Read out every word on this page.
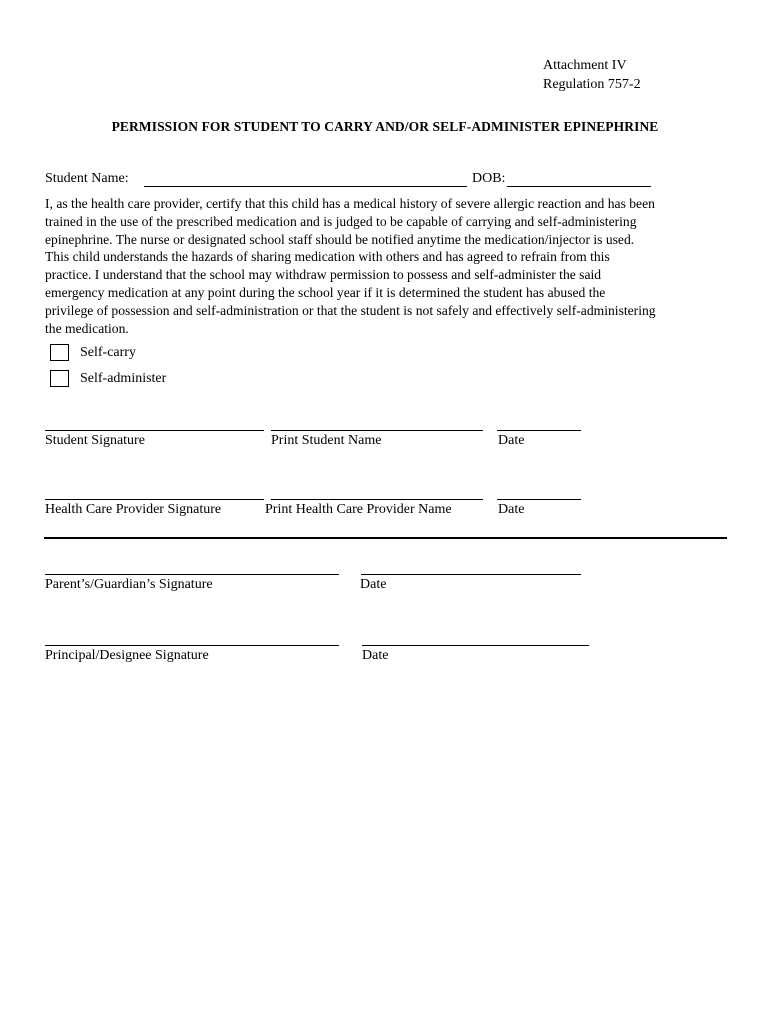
Attachment IV
Regulation 757-2
PERMISSION FOR STUDENT TO CARRY AND/OR SELF-ADMINISTER EPINEPHRINE
Student Name:	DOB:
I, as the health care provider, certify that this child has a medical history of severe allergic reaction and has been
trained in the use of the prescribed medication and is judged to be capable of carrying and self-administering
epinephrine. The nurse or designated school staff should be notified anytime the medication/injector is used.
This child understands the hazards of sharing medication with others and has agreed to refrain from this
practice. I understand that the school may withdraw permission to possess and self-administer the said
emergency medication at any point during the school year if it is determined the student has abused the
privilege of possession and self-administration or that the student is not safely and effectively self-administering
the medication.
Self-carry
Self-administer
Student Signature	Print Student Name	Date
Health Care Provider Signature	Print Health Care Provider Name	Date
Parent’s/Guardian’s Signature	Date
Principal/Designee Signature	Date
